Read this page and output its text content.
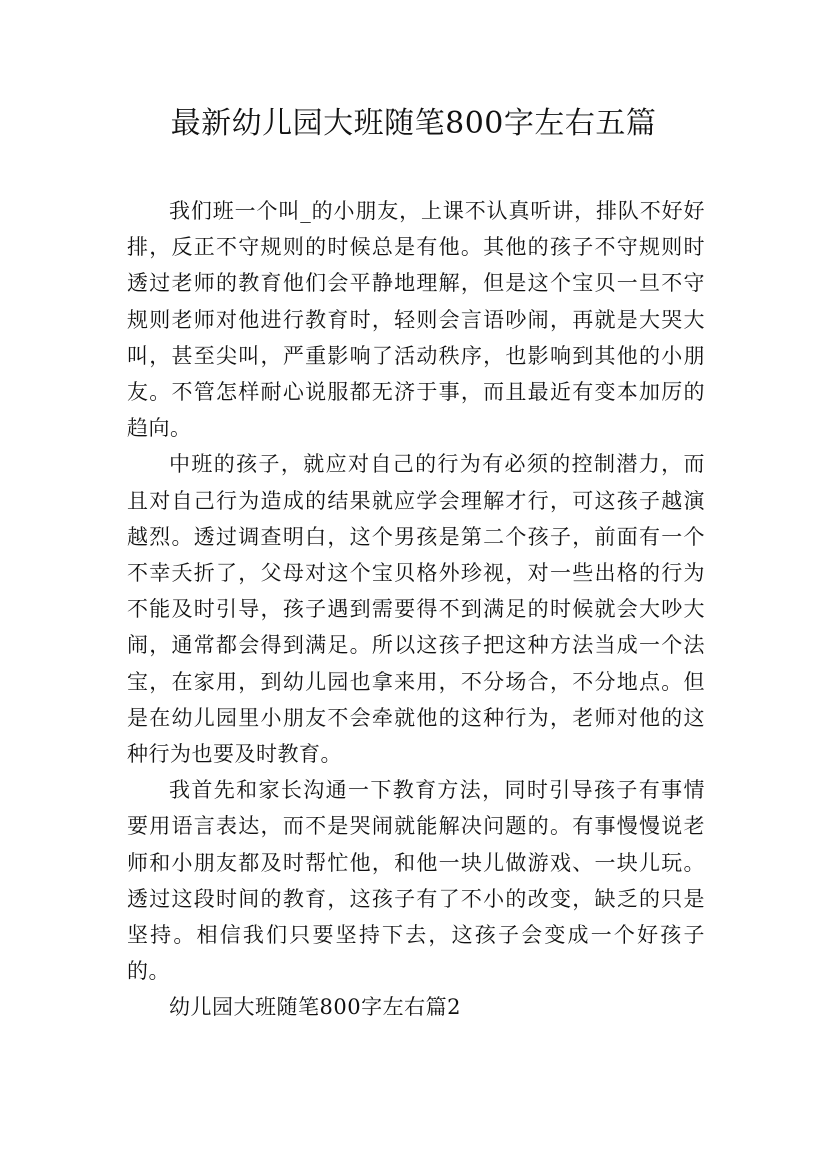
最新幼儿园大班随笔800字左右五篇

我们班一个叫_的小朋友，上课不认真听讲，排队不好好排，反正不守规则的时候总是有他。其他的孩子不守规则时透过老师的教育他们会平静地理解，但是这个宝贝一旦不守规则老师对他进行教育时，轻则会言语吵闹，再就是大哭大叫，甚至尖叫，严重影响了活动秩序，也影响到其他的小朋友。不管怎样耐心说服都无济于事，而且最近有变本加厉的趋向。

中班的孩子，就应对自己的行为有必须的控制潜力，而且对自己行为造成的结果就应学会理解才行，可这孩子越演越烈。透过调查明白，这个男孩是第二个孩子，前面有一个不幸夭折了，父母对这个宝贝格外珍视，对一些出格的行为不能及时引导，孩子遇到需要得不到满足的时候就会大吵大闹，通常都会得到满足。所以这孩子把这种方法当成一个法宝，在家用，到幼儿园也拿来用，不分场合，不分地点。但是在幼儿园里小朋友不会牵就他的这种行为，老师对他的这种行为也要及时教育。

我首先和家长沟通一下教育方法，同时引导孩子有事情要用语言表达，而不是哭闹就能解决问题的。有事慢慢说老师和小朋友都及时帮忙他，和他一块儿做游戏、一块儿玩。透过这段时间的教育，这孩子有了不小的改变，缺乏的只是坚持。相信我们只要坚持下去，这孩子会变成一个好孩子的。

幼儿园大班随笔800字左右篇2
